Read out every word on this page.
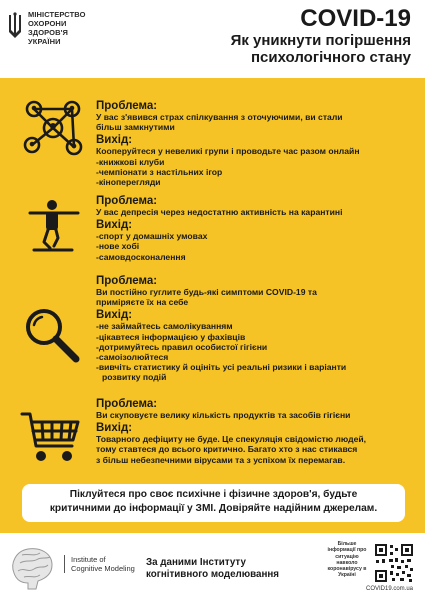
МІНІСТЕРСТВО
ОХОРОНИ
ЗДОРОВ'Я
УКРАЇНИ
COVID-19
Як уникнути погіршення
психологічного стану
Проблема:
У вас з'явився страх спілкування з оточуючими, ви стали
більш замкнутими
Вихід:
Кооперуйтеся у невеликі групи і проводьте час разом онлайн
-книжкові клуби
-чемпіонати з настільних ігор
-кіноперегляди
Проблема:
У вас депресія через недостатню активність на карантині
Вихід:
-спорт у домашніх умовах
-нове хобі
-самовдосконалення
Проблема:
Ви постійно гуглите будь-які симптоми COVID-19 та
приміряєте їх на себе
Вихід:
-не займайтесь самолікуванням
-цікавтеся інформацією у фахівців
-дотримуйтесь правил особистої гігієни
-самоізолюйтеся
-вивчіть статистику й оцініть усі реальні ризики і варіанти
розвитку подій
Проблема:
Ви скуповуєте велику кількість продуктів та засобів гігієни
Вихід:
Товарного дефіциту не буде. Це спекуляція свідомістю людей,
тому ставтеся до всього критично. Багато хто з нас стикався
з більш небезпечними вірусами та з успіхом їх перемагав.
Піклуйтеся про своє психічне і фізичне здоров'я, будьте
критичними до інформації у ЗМІ. Довіряйте надійним джерелам.
Institute of
Cognitive Modeling
За даними Інституту
когнітивного моделювання
Більше
інформації про
ситуацію навколо
коронавірусу в
Україні
COVID19.com.ua
